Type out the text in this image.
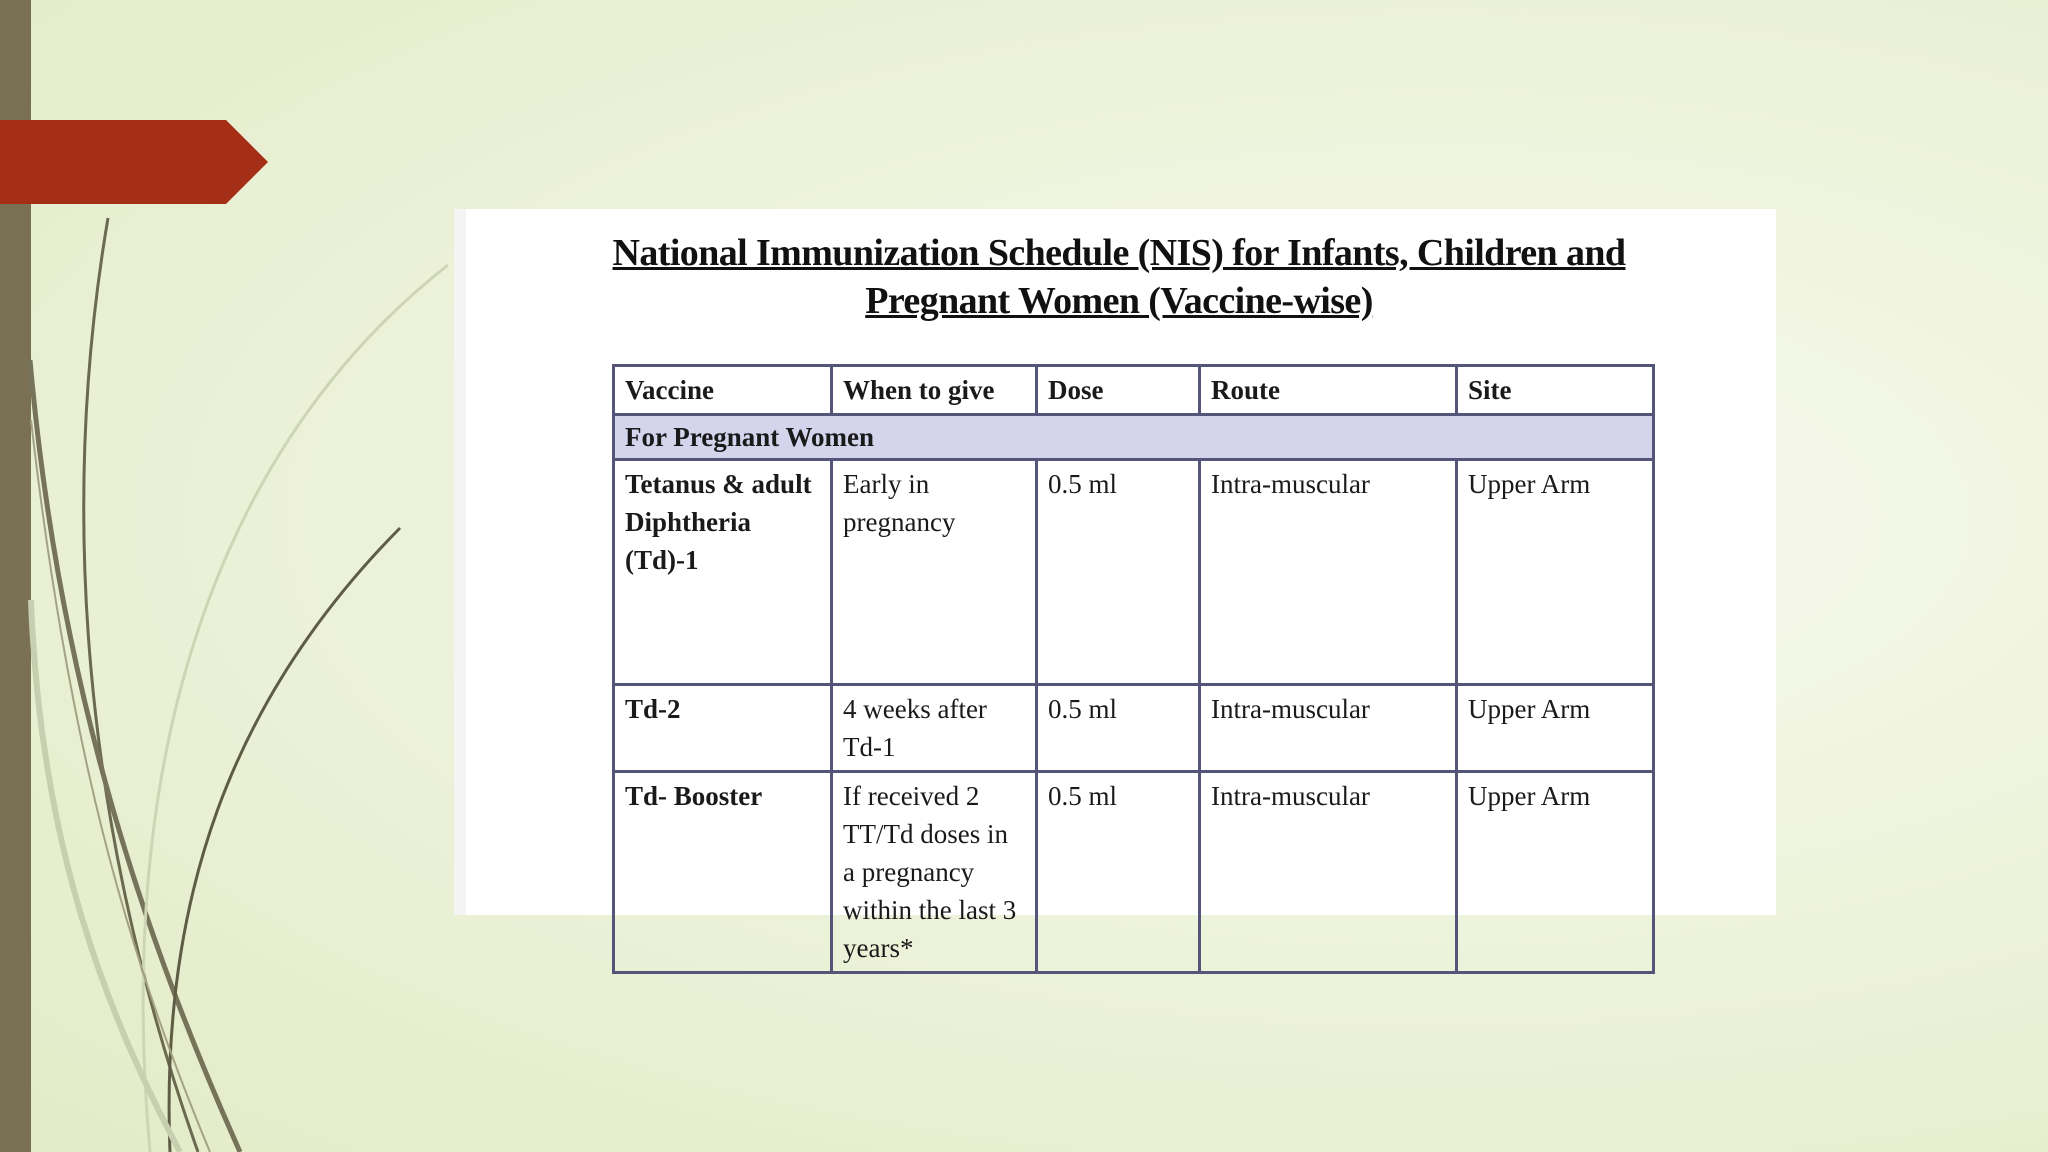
National Immunization Schedule (NIS) for Infants, Children and Pregnant Women (Vaccine-wise)
Vaccine	When to give	Dose	Route	Site
For Pregnant Women				
Tetanus & adult Diphtheria (Td)-1	Early in pregnancy	0.5 ml	Intra-muscular	Upper Arm
Td-2	4 weeks after Td-1	0.5 ml	Intra-muscular	Upper Arm
Td- Booster	If received 2 TT/Td doses in a pregnancy within the last 3 years*	0.5 ml	Intra-muscular	Upper Arm
